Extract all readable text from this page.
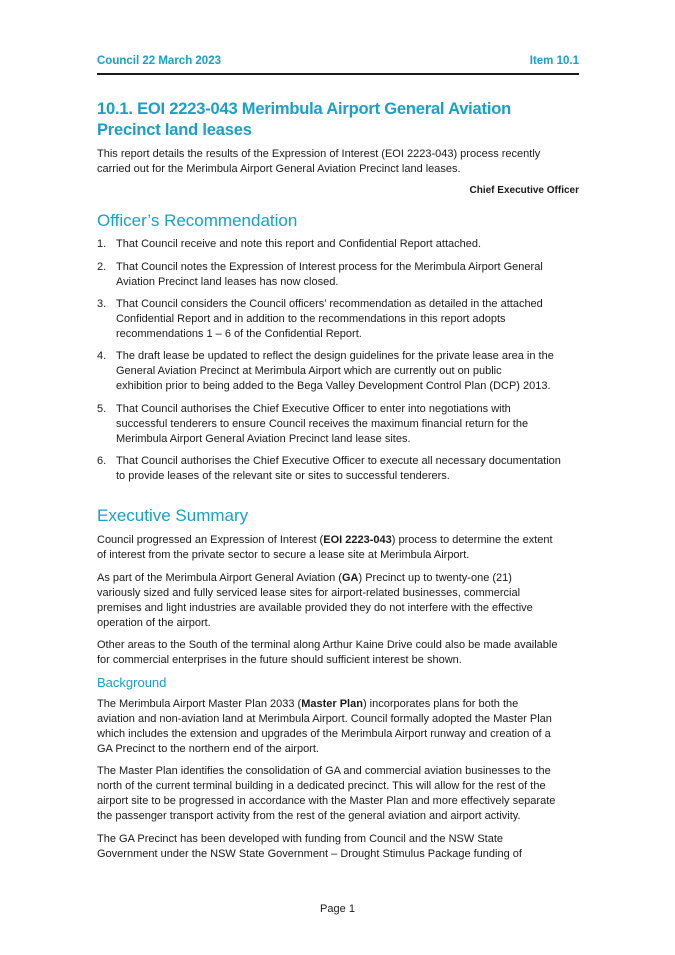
Council 22 March 2023	Item 10.1
10.1. EOI 2223-043 Merimbula Airport General Aviation
Precinct land leases
This report details the results of the Expression of Interest (EOI 2223-043) process recently
carried out for the Merimbula Airport General Aviation Precinct land leases.
Chief Executive Officer
Officer’s Recommendation
1. That Council receive and note this report and Confidential Report attached.
2. That Council notes the Expression of Interest process for the Merimbula Airport General
Aviation Precinct land leases has now closed.
3. That Council considers the Council officers’ recommendation as detailed in the attached
Confidential Report and in addition to the recommendations in this report adopts
recommendations 1 – 6 of the Confidential Report.
4. The draft lease be updated to reflect the design guidelines for the private lease area in the
General Aviation Precinct at Merimbula Airport which are currently out on public
exhibition prior to being added to the Bega Valley Development Control Plan (DCP) 2013.
5. That Council authorises the Chief Executive Officer to enter into negotiations with
successful tenderers to ensure Council receives the maximum financial return for the
Merimbula Airport General Aviation Precinct land lease sites.
6. That Council authorises the Chief Executive Officer to execute all necessary documentation
to provide leases of the relevant site or sites to successful tenderers.
Executive Summary
Council progressed an Expression of Interest (EOI 2223-043) process to determine the extent
of interest from the private sector to secure a lease site at Merimbula Airport.
As part of the Merimbula Airport General Aviation (GA) Precinct up to twenty-one (21)
variously sized and fully serviced lease sites for airport-related businesses, commercial
premises and light industries are available provided they do not interfere with the effective
operation of the airport.
Other areas to the South of the terminal along Arthur Kaine Drive could also be made available
for commercial enterprises in the future should sufficient interest be shown.
Background
The Merimbula Airport Master Plan 2033 (Master Plan) incorporates plans for both the
aviation and non-aviation land at Merimbula Airport. Council formally adopted the Master Plan
which includes the extension and upgrades of the Merimbula Airport runway and creation of a
GA Precinct to the northern end of the airport.
The Master Plan identifies the consolidation of GA and commercial aviation businesses to the
north of the current terminal building in a dedicated precinct. This will allow for the rest of the
airport site to be progressed in accordance with the Master Plan and more effectively separate
the passenger transport activity from the rest of the general aviation and airport activity.
The GA Precinct has been developed with funding from Council and the NSW State
Government under the NSW State Government – Drought Stimulus Package funding of
Page 1
